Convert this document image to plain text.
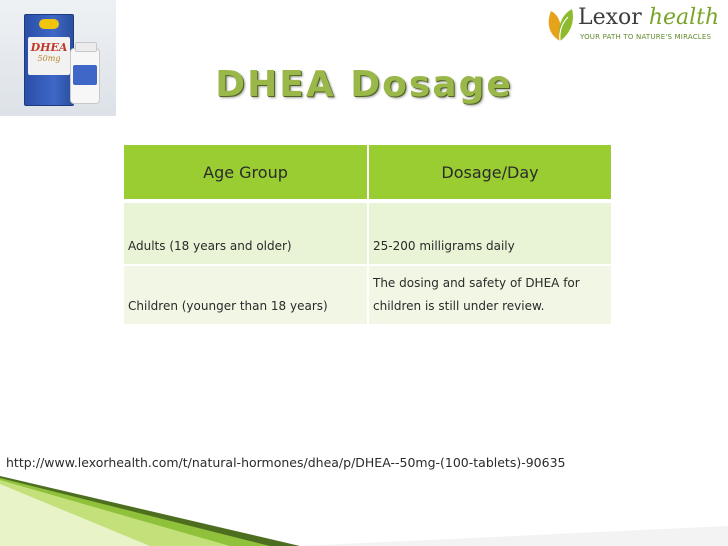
DHEA
50mg
Lexor health
YOUR PATH TO NATURE'S MIRACLES
DHEA Dosage
Age Group	Dosage/Day
Adults (18 years and older)	25-200 milligrams daily
Children (younger than 18 years)	The dosing and safety of DHEA for children is still under review.
http://www.lexorhealth.com/t/natural-hormones/dhea/p/DHEA--50mg-(100-tablets)-90635
